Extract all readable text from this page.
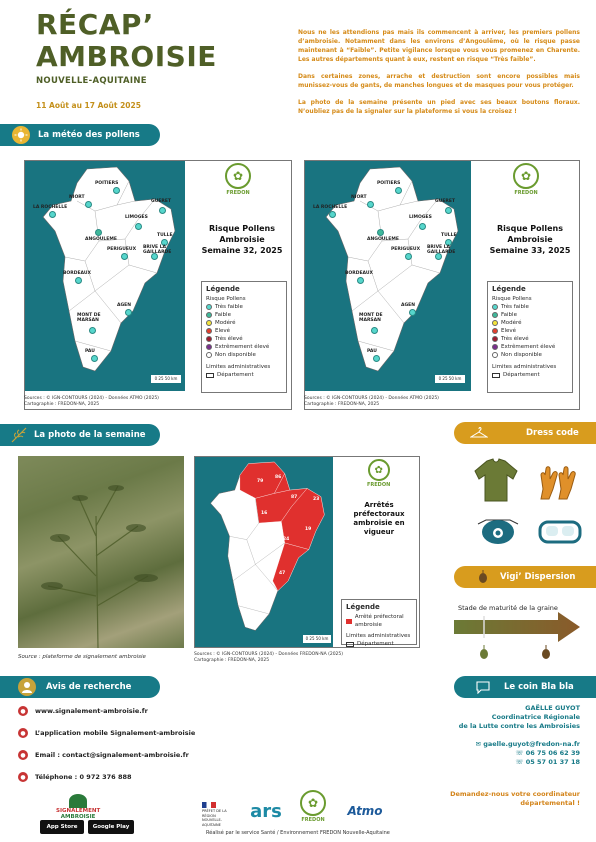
RÉCAP’
AMBROISIE
NOUVELLE-AQUITAINE
11 Août au 17 Août 2025

Nous ne les attendions pas mais ils commencent à arriver, les premiers pollens d’ambroisie. Notamment dans les environs d’Angoulême, où le risque passe maintenant à “Faible”. Petite vigilance lorsque vous vous promenez en Charente. Les autres départements quant à eux, restent en risque “Très faible”.

Dans certaines zones, arrache et destruction sont encore possibles mais munissez-vous de gants, de manches longues et de masques pour vous protéger.

La photo de la semaine présente un pied avec ses beaux boutons floraux. N’oubliez pas de la signaler sur la plateforme si vous la croisez !

La météo des pollens
POITIERS
NIORT
LA ROCHELLE
GUERET
LIMOGES
ANGOULEME
TULLE
BRIVE LA GAILLARDE
PERIGUEUX
BORDEAUX
AGEN
MONT DE MARSAN
PAU
0 25 50 km
✿
FREDON
Risque Pollens
Ambroisie
Semaine 32, 2025
Légende
Risque Pollens
Très faible
Faible
Modéré
Elevé
Très élevé
Extrêmement élevé
Non disponible
Limites administratives
Département
Sources : © IGN-CONTOURS (2024) - Données ATMO (2025)
Cartographie : FREDON-NA, 2025
POITIERS
NIORT
LA ROCHELLE
GUERET
LIMOGES
ANGOULEME
TULLE
BRIVE LA GAILLARDE
PERIGUEUX
BORDEAUX
AGEN
MONT DE MARSAN
PAU
0 25 50 km
✿
FREDON
Risque Pollens
Ambroisie
Semaine 33, 2025
Légende
Risque Pollens
Très faible
Faible
Modéré
Elevé
Très élevé
Extrêmement élevé
Non disponible
Limites administratives
Département
Sources : © IGN-CONTOURS (2024) - Données ATMO (2025)
Cartographie : FREDON-NA, 2025
La photo de la semaine
Source : plateforme de signalement ambroisie
79
86
17
16
87	23
19
24
47
0 25 50 km
✿
FREDON
Arrêtés
préfectoraux
ambroisie en
vigueur
Légende
Arrêté préfectoral ambroisie
Limites administratives
Département
Sources : © IGN-CONTOURS (2024) - Données FREDON-NA (2025)
Cartographie : FREDON-NA, 2025
Dress code
Vigi’ Dispersion
Stade de maturité de la graine
Avis de recherche
●	www.signalement-ambroisie.fr
●	L’application mobile Signalement-ambroisie
●	Email : contact@signalement-ambroisie.fr
●	Téléphone : 0 972 376 888
Le coin Bla bla
GAËLLE GUYOT
Coordinatrice Régionale
de la Lutte contre les Ambroisies
✉ gaelle.guyot@fredon-na.fr
☏ 06 75 06 62 39
☏ 05 57 01 37 18
Demandez-nous votre coordinateur
départemental !
SIGNALEMENT
AMBROISIE
App Store	Google Play
PRÉFET DE LA RÉGION NOUVELLE-AQUITAINE
ars	✿
FREDON
Atmo
Réalisé par le service Santé / Environnement FREDON Nouvelle-Aquitaine
